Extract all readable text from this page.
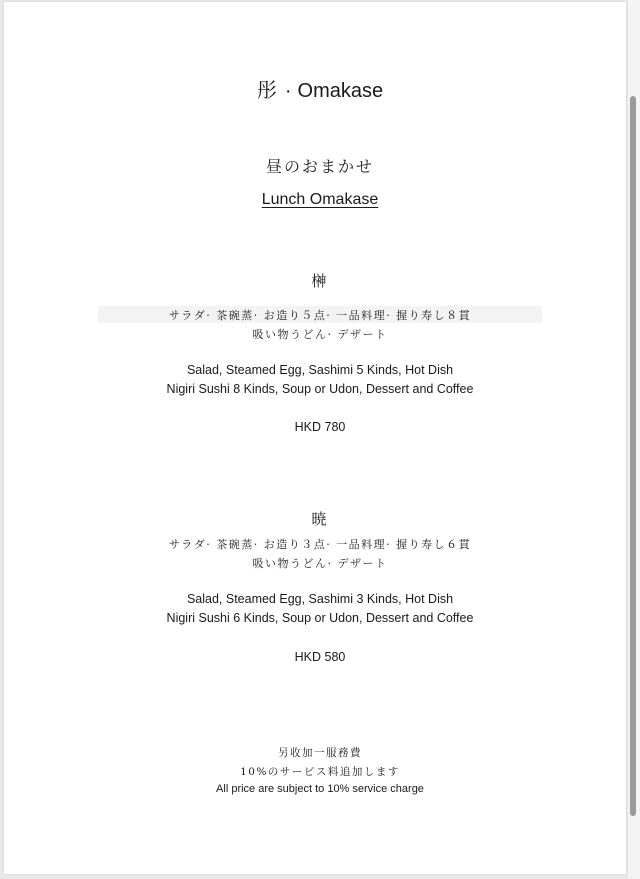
彤 · Omakase
昼のおまかせ
Lunch Omakase
榊
サラダ· 茶碗蒸· お造り５点· 一品料理· 握り寿し８貫
吸い物うどん· デザート
Salad, Steamed Egg, Sashimi 5 Kinds, Hot Dish
Nigiri Sushi 8 Kinds, Soup or Udon, Dessert and Coffee
HKD 780
暁
サラダ· 茶碗蒸· お造り３点· 一品料理· 握り寿し６貫
吸い物うどん· デザート
Salad, Steamed Egg, Sashimi 3 Kinds, Hot Dish
Nigiri Sushi 6 Kinds, Soup or Udon, Dessert and Coffee
HKD 580
另收加一服務費
10%のサービス料追加します
All price are subject to 10% service charge
